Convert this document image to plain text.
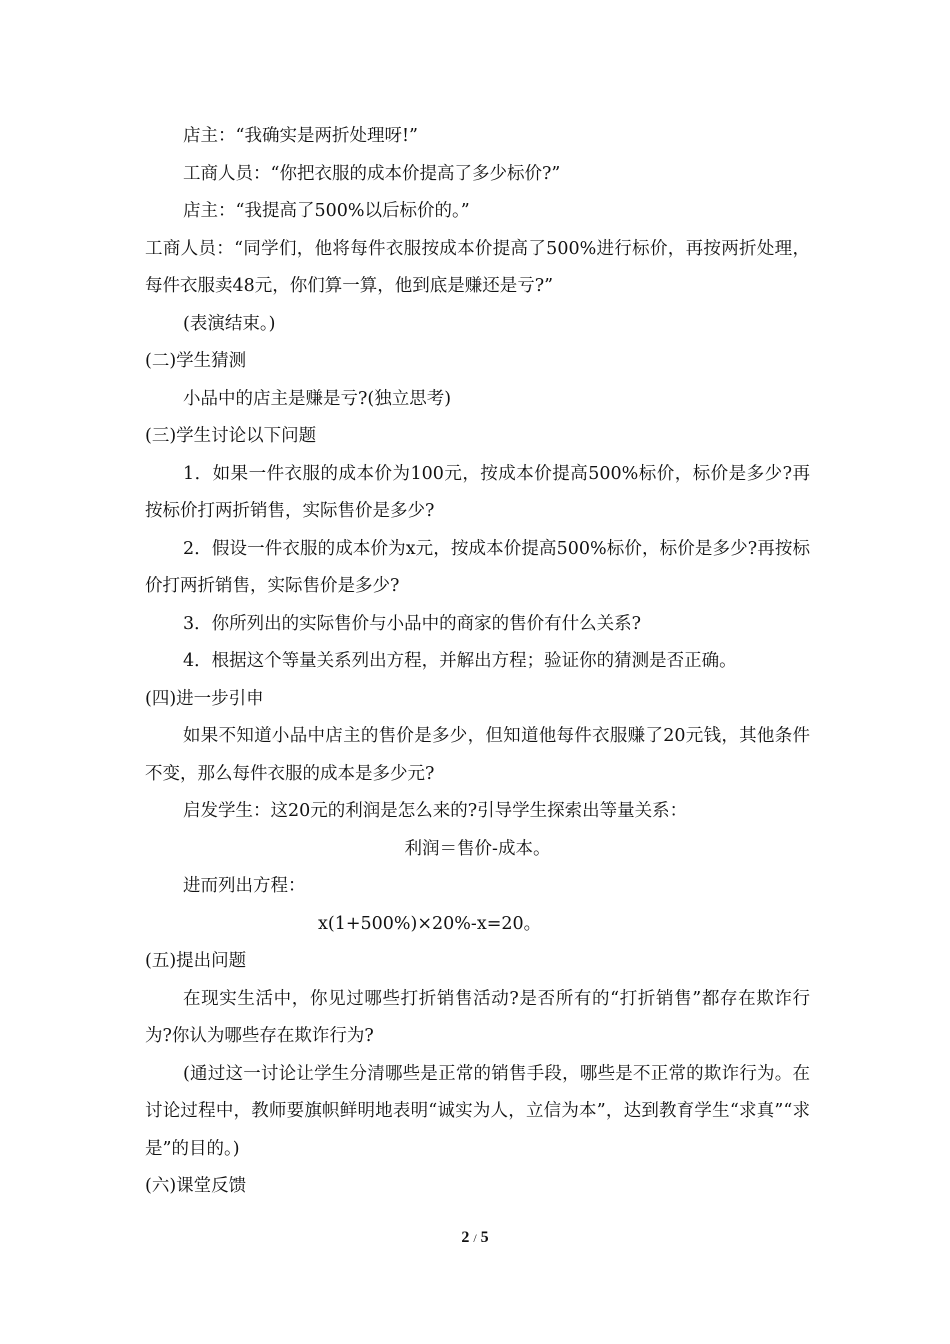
店主：“我确实是两折处理呀!”

工商人员：“你把衣服的成本价提高了多少标价?”

店主：“我提高了500%以后标价的。”

工商人员：“同学们，他将每件衣服按成本价提高了500%进行标价，再按两折处理，每件衣服卖48元，你们算一算，他到底是赚还是亏?”

(表演结束。)

(二)学生猜测

小品中的店主是赚是亏?(独立思考)

(三)学生讨论以下问题

1．如果一件衣服的成本价为100元，按成本价提高500%标价，标价是多少?再按标价打两折销售，实际售价是多少?

2．假设一件衣服的成本价为x元，按成本价提高500%标价，标价是多少?再按标价打两折销售，实际售价是多少?

3．你所列出的实际售价与小品中的商家的售价有什么关系?

4．根据这个等量关系列出方程，并解出方程；验证你的猜测是否正确。

(四)进一步引申

如果不知道小品中店主的售价是多少，但知道他每件衣服赚了20元钱，其他条件不变，那么每件衣服的成本是多少元?

启发学生：这20元的利润是怎么来的?引导学生探索出等量关系：

利润＝售价-成本。

进而列出方程：

x(1+500%)×20%-x=20。

(五)提出问题

在现实生活中，你见过哪些打折销售活动?是否所有的“打折销售”都存在欺诈行为?你认为哪些存在欺诈行为?

(通过这一讨论让学生分清哪些是正常的销售手段，哪些是不正常的欺诈行为。在讨论过程中，教师要旗帜鲜明地表明“诚实为人，立信为本”，达到教育学生“求真”“求是”的目的。)

(六)课堂反馈

2 / 5
